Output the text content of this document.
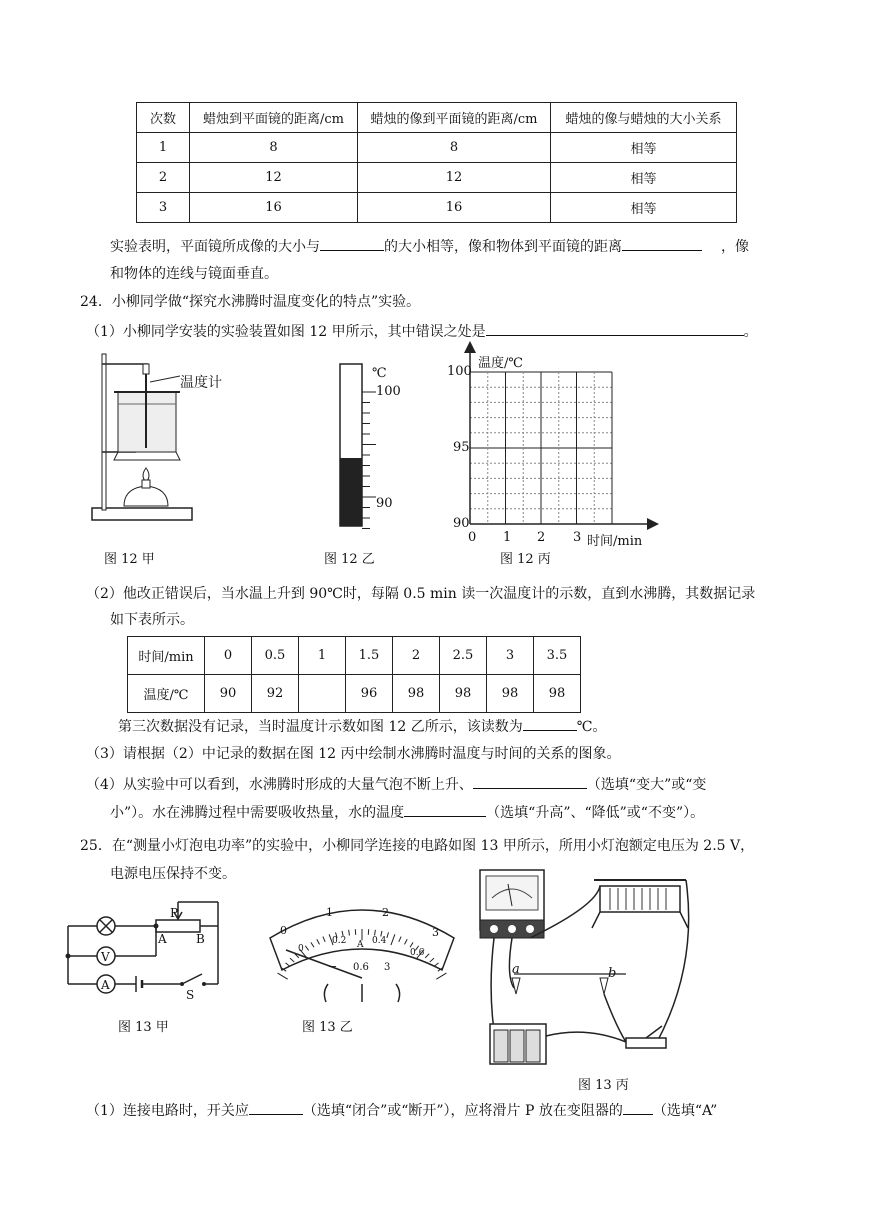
次数	蜡烛到平面镜的距离/cm	蜡烛的像到平面镜的距离/cm	蜡烛的像与蜡烛的大小关系
1	8	8	相等
2	12	12	相等
3	16	16	相等
实验表明，平面镜所成像的大小与	的大小相等，像和物体到平面镜的距离	，像
和物体的连线与镜面垂直。
24．小柳同学做“探究水沸腾时温度变化的特点”实验。
（1）小柳同学安装的实验装置如图 12 甲所示，其中错误之处是	。
温度计
图 12 甲
℃
100
90
图 12 乙
温度/℃
100
95
90
0 1 2 3 时间/min
图 12 丙
（2）他改正错误后，当水温上升到 90℃时，每隔 0.5 min 读一次温度计的示数，直到水沸腾，其数据记录
如下表所示。
时间/min	0	0.5	1	1.5	2	2.5	3	3.5
温度/℃	90	92		96	98	98	98	98
第三次数据没有记录，当时温度计示数如图 12 乙所示，该读数为	℃。
（3）请根据（2）中记录的数据在图 12 丙中绘制水沸腾时温度与时间的关系的图象。
（4）从实验中可以看到，水沸腾时形成的大量气泡不断上升、	（选填“变大”或“变
小”）。水在沸腾过程中需要吸收热量，水的温度	（选填“升高”、“降低”或“不变”）。
25．在“测量小灯泡电功率”的实验中，小柳同学连接的电路如图 13 甲所示，所用小灯泡额定电压为 2.5 V，
电源电压保持不变。
V
A
P
A B
S
图 13 甲
0
1	2
3
0
0.2	0.4
0.6
A
− 0.6 3
图 13 乙
a	b
图 13 丙
（1）连接电路时，开关应	（选填“闭合”或“断开”），应将滑片 P 放在变阻器的 （选填“A”
